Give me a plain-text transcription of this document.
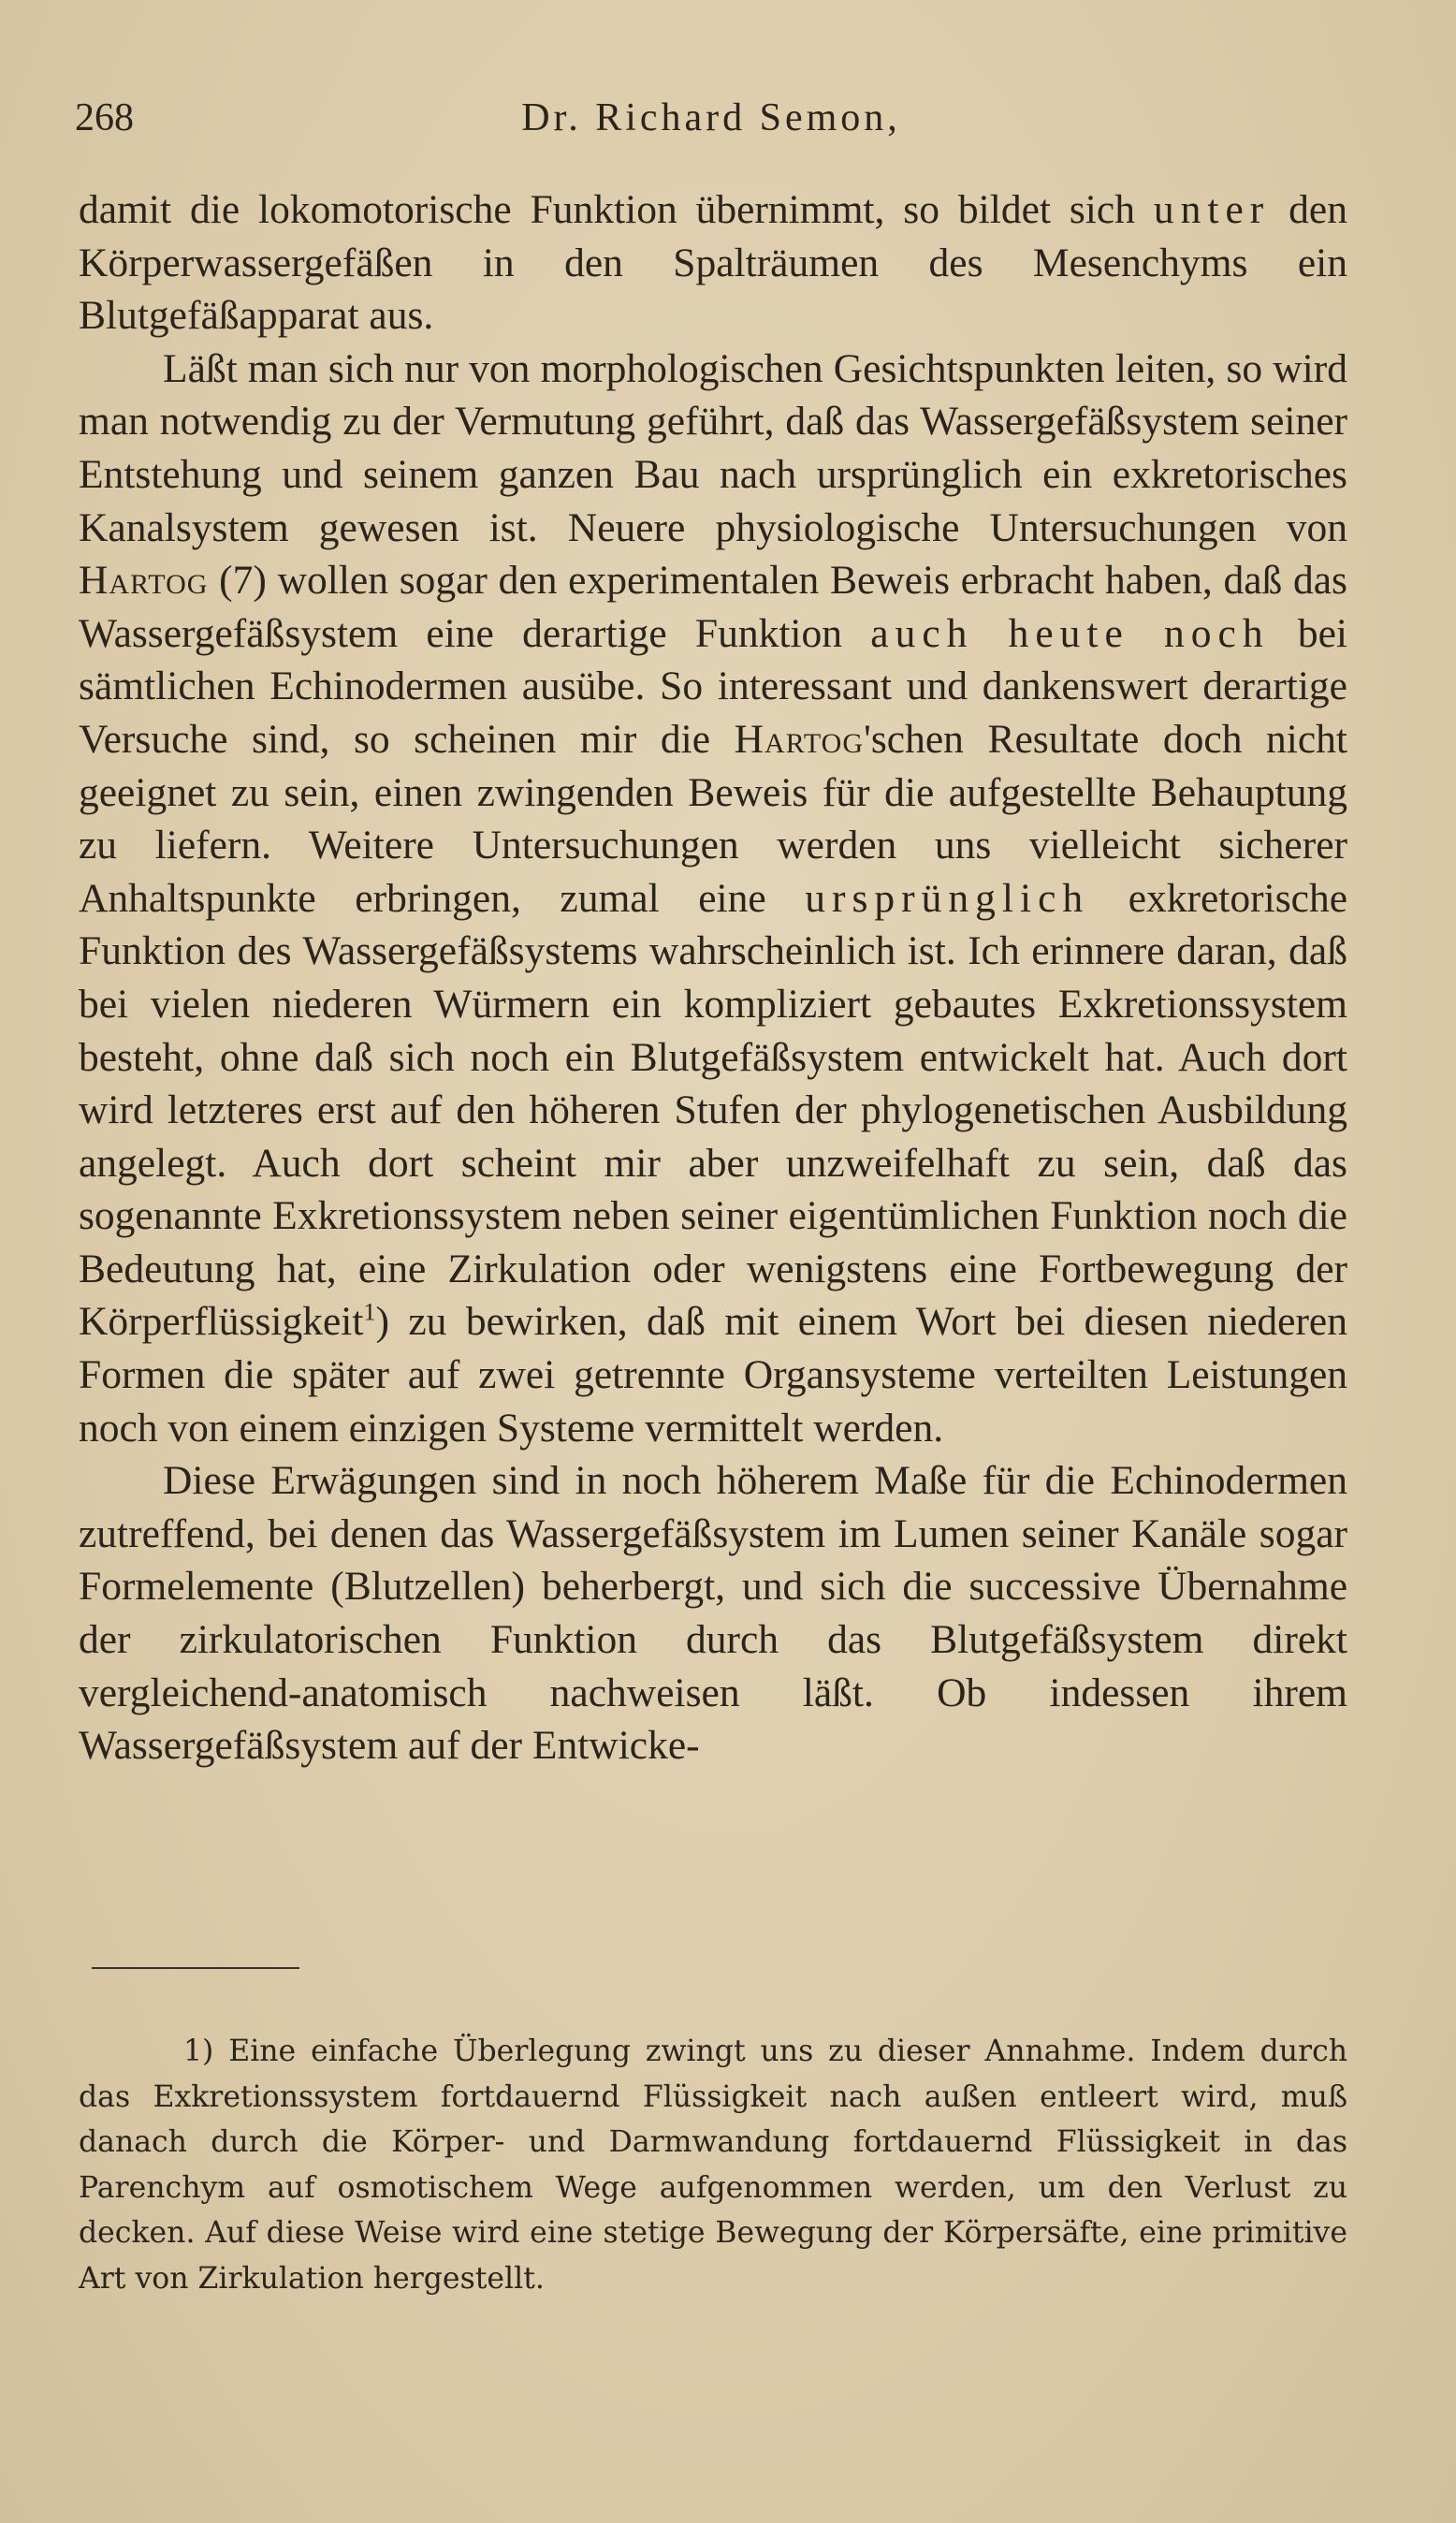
268	Dr. Richard Semon,

damit die lokomotorische Funktion übernimmt, so bildet sich unter den Körperwassergefäßen in den Spalträumen des Mesenchyms ein Blutgefäßapparat aus.

Läßt man sich nur von morphologischen Gesichtspunkten leiten, so wird man notwendig zu der Vermutung geführt, daß das Wassergefäßsystem seiner Entstehung und seinem ganzen Bau nach ursprünglich ein exkretorisches Kanalsystem gewesen ist. Neuere physiologische Untersuchungen von Hartog (7) wollen sogar den experimentalen Beweis erbracht haben, daß das Wassergefäßsystem eine derartige Funktion auch heute noch bei sämtlichen Echinodermen ausübe. So interessant und dankenswert derartige Versuche sind, so scheinen mir die Hartog'schen Resultate doch nicht geeignet zu sein, einen zwingenden Beweis für die aufgestellte Behauptung zu liefern. Weitere Untersuchungen werden uns vielleicht sicherer Anhaltspunkte erbringen, zumal eine ursprünglich exkretorische Funktion des Wassergefäßsystems wahrscheinlich ist. Ich erinnere daran, daß bei vielen niederen Würmern ein kompliziert gebautes Exkretionssystem besteht, ohne daß sich noch ein Blutgefäßsystem entwickelt hat. Auch dort wird letzteres erst auf den höheren Stufen der phylogenetischen Ausbildung angelegt. Auch dort scheint mir aber unzweifelhaft zu sein, daß das sogenannte Exkretionssystem neben seiner eigentümlichen Funktion noch die Bedeutung hat, eine Zirkulation oder wenigstens eine Fortbewegung der Körperflüssigkeit$^1$) zu bewirken, daß mit einem Wort bei diesen niederen Formen die später auf zwei getrennte Organsysteme verteilten Leistungen noch von einem einzigen Systeme vermittelt werden.

Diese Erwägungen sind in noch höherem Maße für die Echinodermen zutreffend, bei denen das Wassergefäßsystem im Lumen seiner Kanäle sogar Formelemente (Blutzellen) beherbergt, und sich die successive Übernahme der zirkulatorischen Funktion durch das Blutgefäßsystem direkt vergleichend-anatomisch nachweisen läßt. Ob indessen ihrem Wassergefäßsystem auf der Entwicke-

1) Eine einfache Überlegung zwingt uns zu dieser Annahme. Indem durch das Exkretionssystem fortdauernd Flüssigkeit nach außen entleert wird, muß danach durch die Körper- und Darmwandung fortdauernd Flüssigkeit in das Parenchym auf osmotischem Wege aufgenommen werden, um den Verlust zu decken. Auf diese Weise wird eine stetige Bewegung der Körpersäfte, eine primitive Art von Zirkulation hergestellt.
